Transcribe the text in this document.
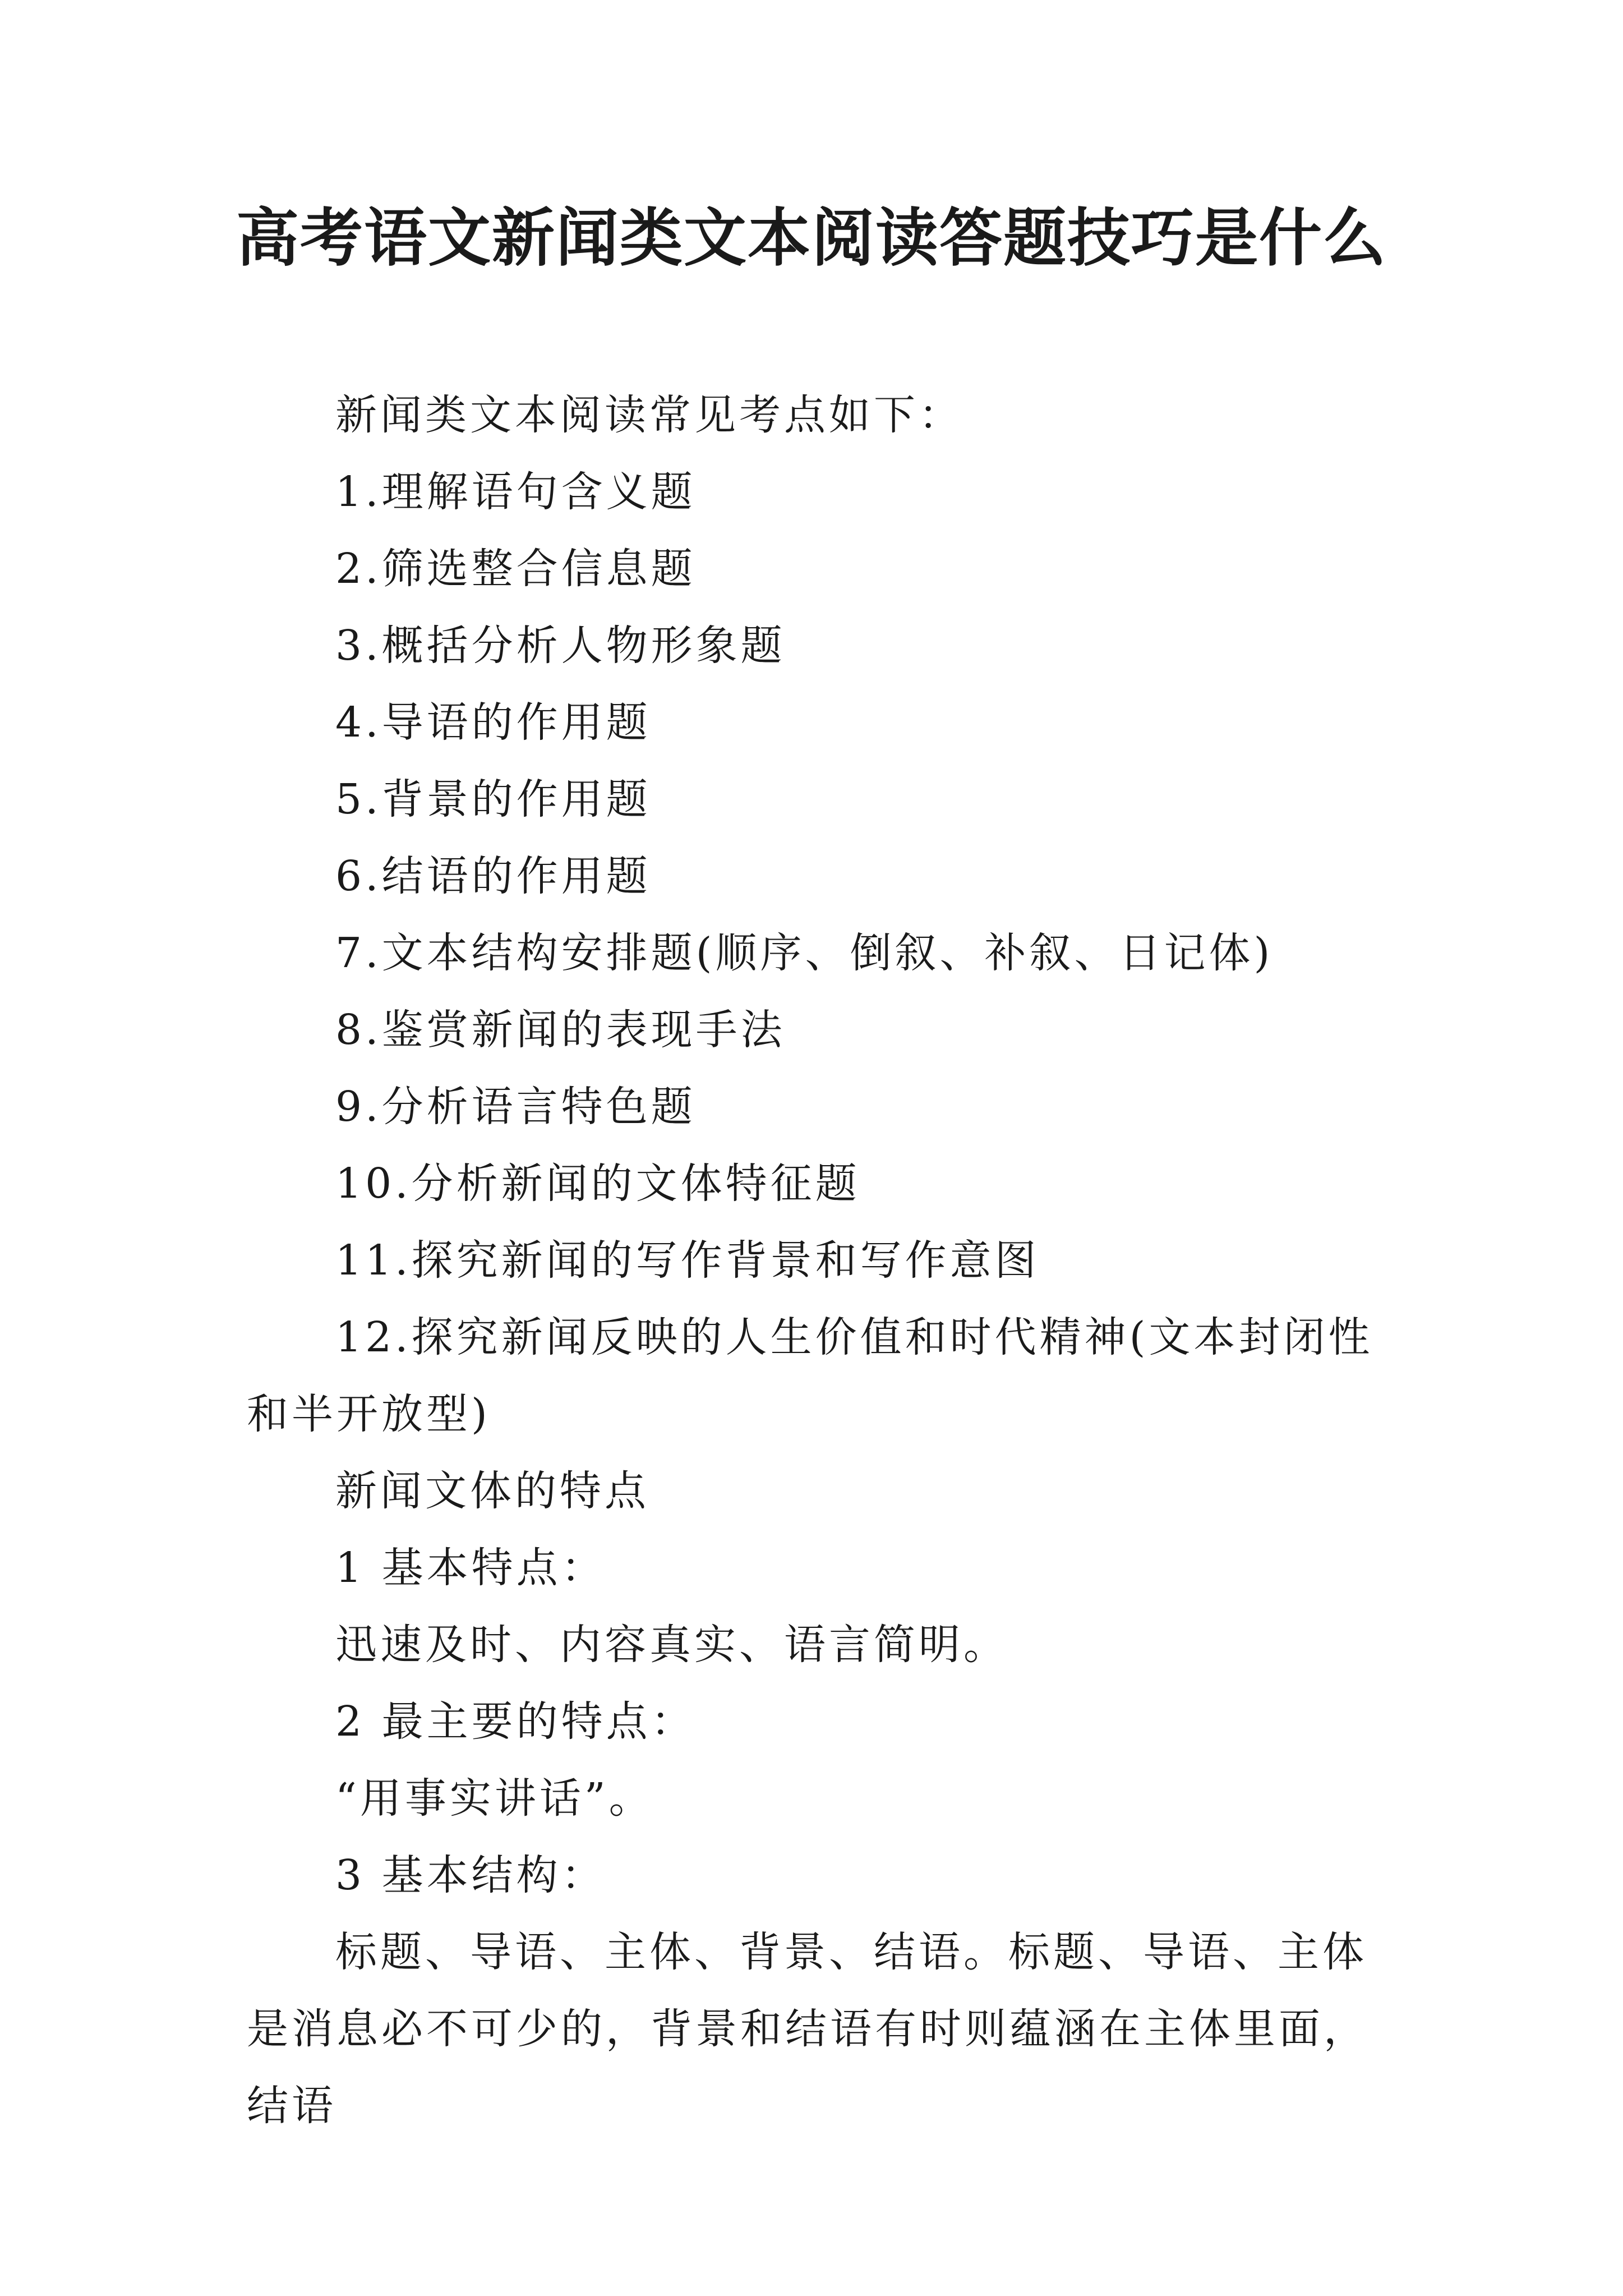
高考语文新闻类文本阅读答题技巧是什么

新闻类文本阅读常见考点如下：

1.理解语句含义题

2.筛选整合信息题

3.概括分析人物形象题

4.导语的作用题

5.背景的作用题

6.结语的作用题

7.文本结构安排题(顺序、倒叙、补叙、日记体)

8.鉴赏新闻的表现手法

9.分析语言特色题

10.分析新闻的文体特征题

11.探究新闻的写作背景和写作意图

12.探究新闻反映的人生价值和时代精神(文本封闭性和半开放型)

新闻文体的特点

1 基本特点：

迅速及时、内容真实、语言简明。

2 最主要的特点：

“用事实讲话”。

3 基本结构：

标题、导语、主体、背景、结语。标题、导语、主体是消息必不可少的，背景和结语有时则蕴涵在主体里面，结语
